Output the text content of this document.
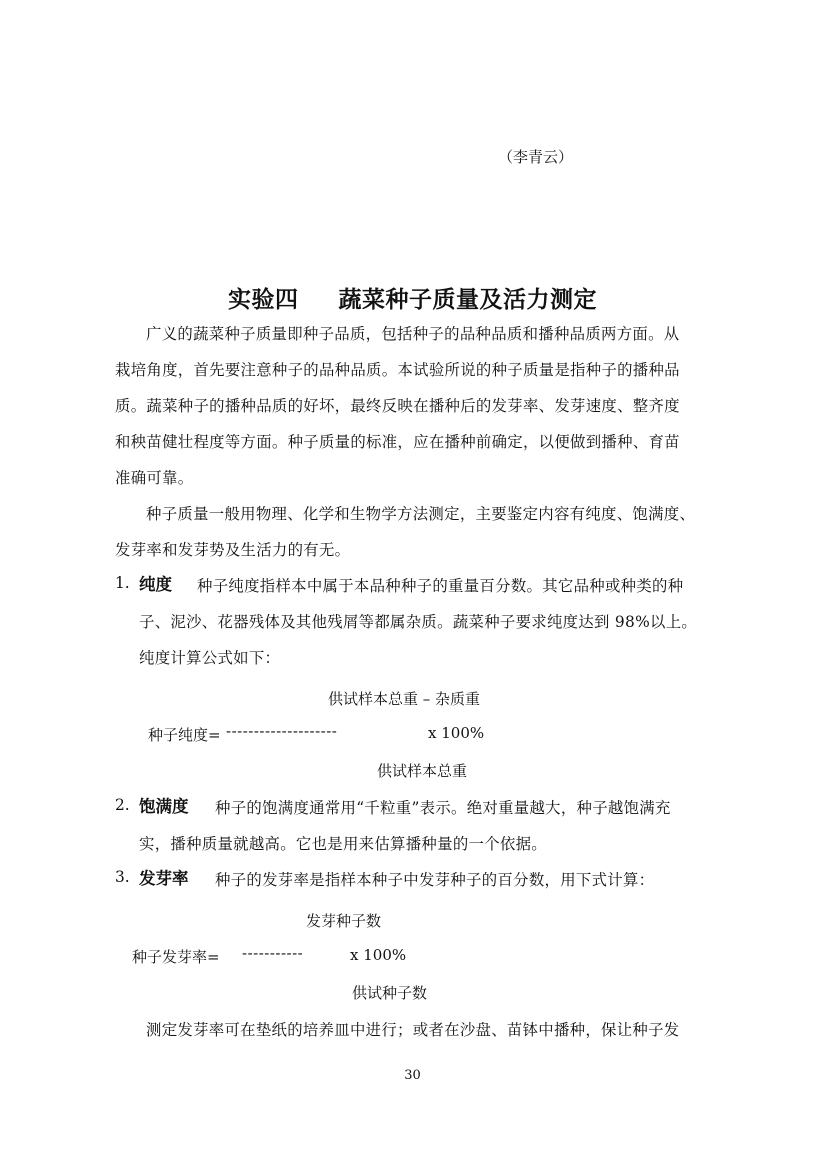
（李青云）
实验四 蔬菜种子质量及活力测定
广义的蔬菜种子质量即种子品质，包括种子的品种品质和播种品质两方面。从
栽培角度，首先要注意种子的品种品质。本试验所说的种子质量是指种子的播种品
质。蔬菜种子的播种品质的好坏，最终反映在播种后的发芽率、发芽速度、整齐度
和秧苗健壮程度等方面。种子质量的标准，应在播种前确定，以便做到播种、育苗
准确可靠。
种子质量一般用物理、化学和生物学方法测定，主要鉴定内容有纯度、饱满度、
发芽率和发芽势及生活力的有无。
1. 纯度 种子纯度指样本中属于本品种种子的重量百分数。其它品种或种类的种
子、泥沙、花器残体及其他残屑等都属杂质。蔬菜种子要求纯度达到 98%以上。
纯度计算公式如下：
供试样本总重 – 杂质重
种子纯度= --------------------	x 100%
供试样本总重
2. 饱满度 种子的饱满度通常用“千粒重”表示。绝对重量越大，种子越饱满充
实，播种质量就越高。它也是用来估算播种量的一个依据。
3. 发芽率 种子的发芽率是指样本种子中发芽种子的百分数，用下式计算：
发芽种子数
种子发芽率= -----------	x 100%
供试种子数
测定发芽率可在垫纸的培养皿中进行；或者在沙盘、苗钵中播种，保让种子发
30
